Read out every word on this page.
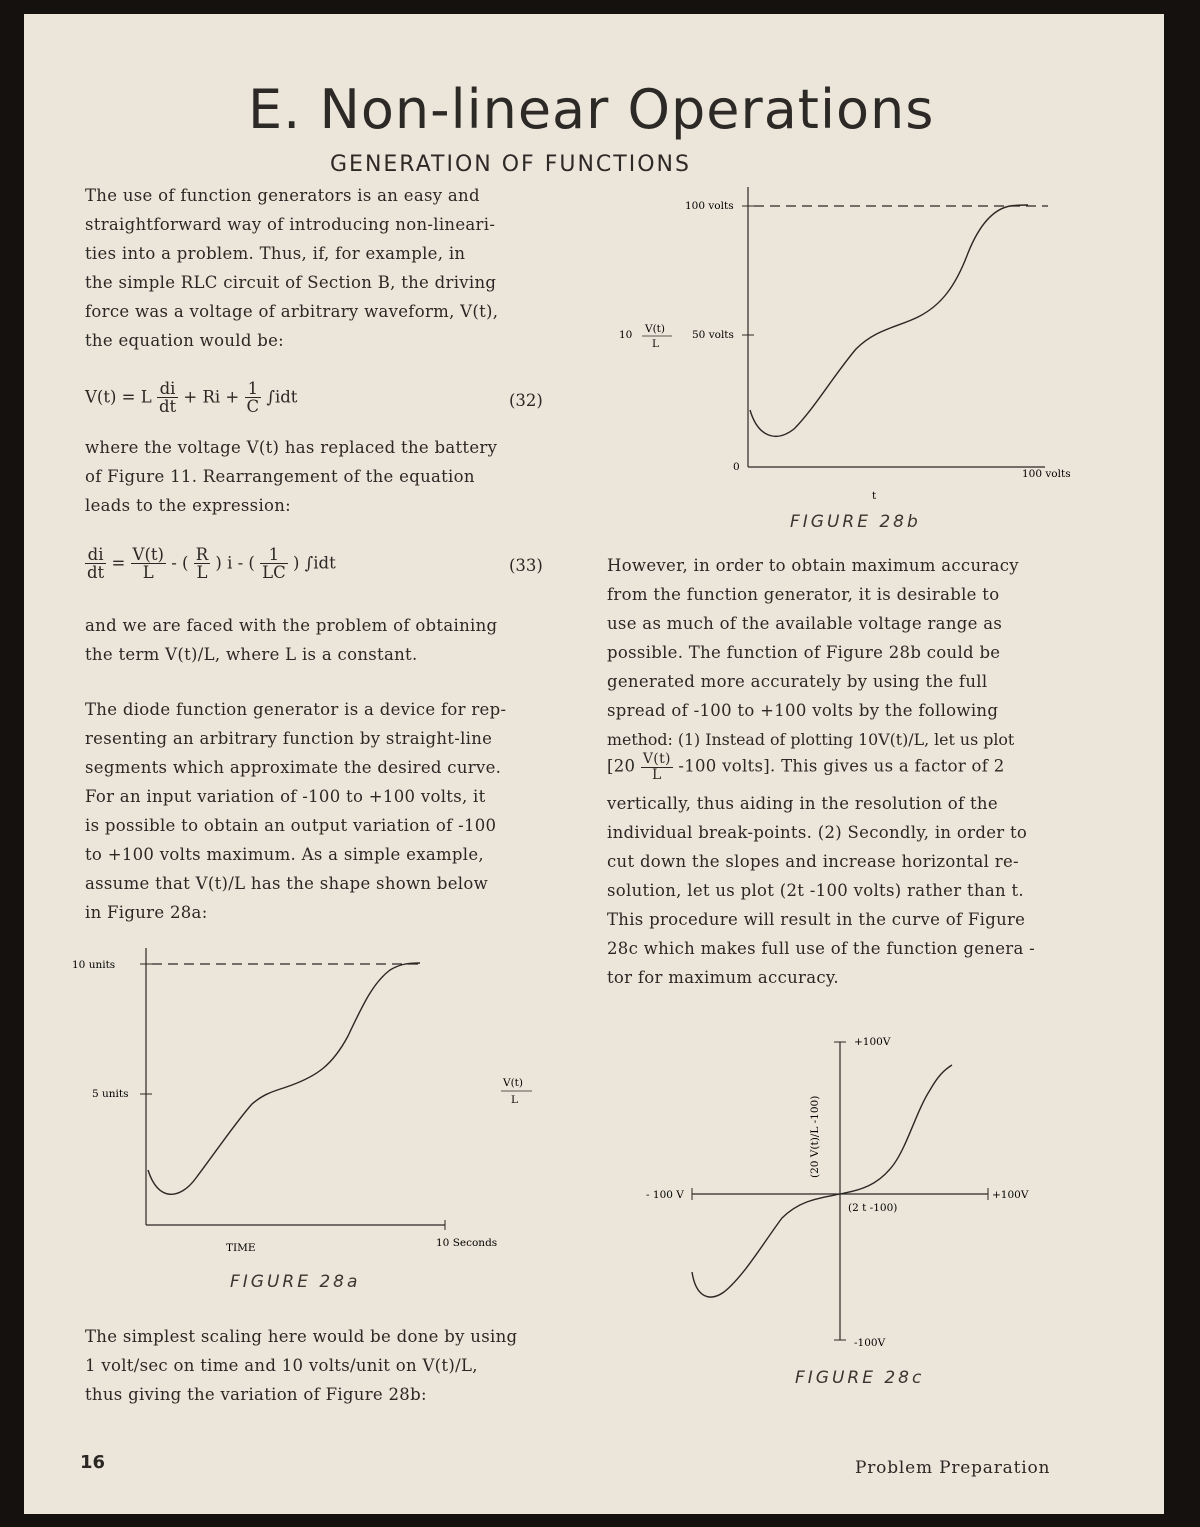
E. Non-linear Operations
GENERATION OF FUNCTIONS
The use of function generators is an easy and
straightforward way of introducing non-lineari-
ties into a problem. Thus, if, for example, in
the simple RLC circuit of Section B, the driving
force was a voltage of arbitrary waveform, V(t),
the equation would be:
V(t) = L $\frac{di}{dt} + Ri + \frac{1}{C} \int idt$	(32)
where the voltage V(t) has replaced the battery
of Figure 11. Rearrangement of the equation
leads to the expression:
$\frac{di}{dt} = \frac{V(t)}{L}$ - ( $\frac{R}{L}$ ) i - ( $\frac{1}{LC}$ ) ∫idt	(33)
and we are faced with the problem of obtaining
the term V(t)/L, where L is a constant.
The diode function generator is a device for rep-
resenting an arbitrary function by straight-line
segments which approximate the desired curve.
For an input variation of -100 to +100 volts, it
is possible to obtain an output variation of -100
to +100 volts maximum. As a simple example,
assume that V(t)/L has the shape shown below
in Figure 28a:
10 units
5 units
TIME	10 Seconds
V(t)
L
FIGURE 28a
The simplest scaling here would be done by using
1 volt/sec on time and 10 volts/unit on V(t)/L,
thus giving the variation of Figure 28b:
100 volts
50 volts
0
100 volts
t
10 V(t)
L
FIGURE 28b
However, in order to obtain maximum accuracy
from the function generator, it is desirable to
use as much of the available voltage range as
possible. The function of Figure 28b could be
generated more accurately by using the full
spread of -100 to +100 volts by the following
method: (1) Instead of plotting 10V(t)/L, let us plot
[$20 \frac{V(t)}{L} -100$ volts]. This gives us a factor of 2
vertically, thus aiding in the resolution of the
individual break-points. (2) Secondly, in order to
cut down the slopes and increase horizontal re-
solution, let us plot (2t -100 volts) rather than t.
This procedure will result in the curve of Figure
28c which makes full use of the function genera -
tor for maximum accuracy.
+100V
-100V
- 100 V	+100V
(2 t -100)
(20 V(t)/L -100)
FIGURE 28c
16	Problem Preparation
